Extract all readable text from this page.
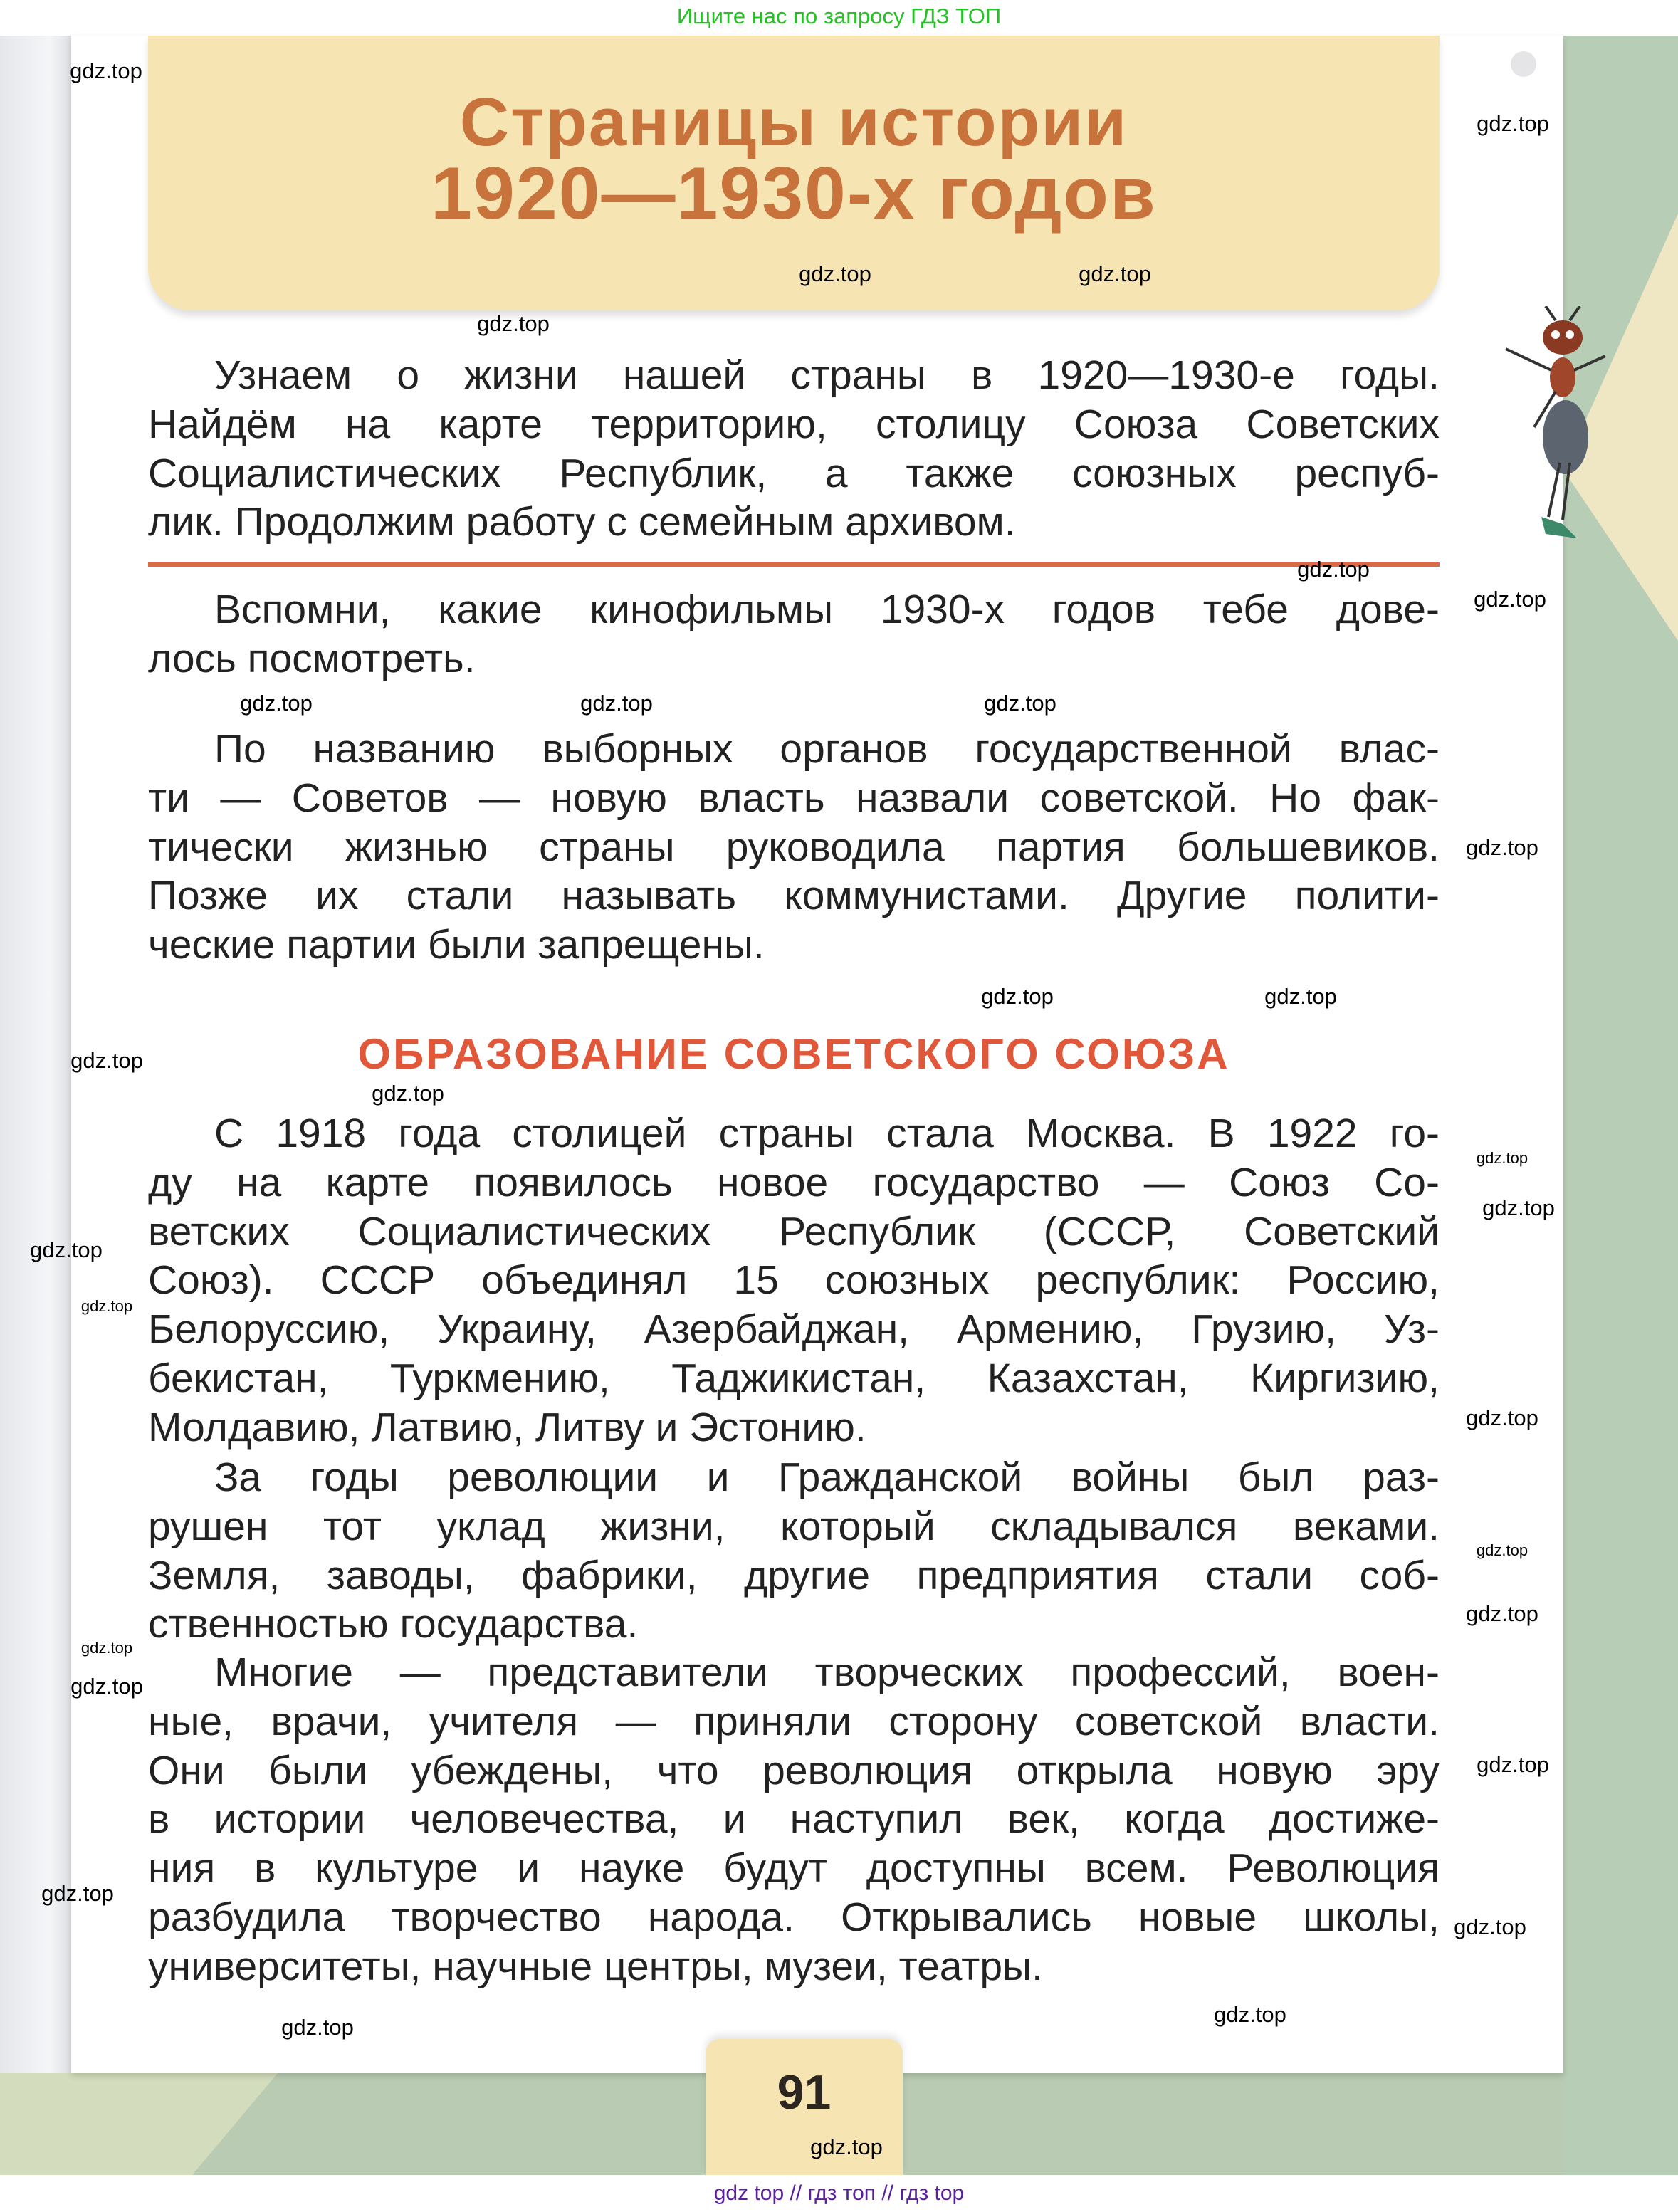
Ищите нас по запросу ГДЗ ТОП
Страницы истории
1920—1930-х годов
ОБРАЗОВАНИЕ СОВЕТСКОГО СОЮЗА
Узнаем о жизни нашей страны в 1920—1930-е годы.
Найдём на карте территорию, столицу Союза Советских
Социалистических Республик, а также союзных респуб-
лик. Продолжим работу с семейным архивом.
Вспомни, какие кинофильмы 1930-х годов тебе дове-
лось посмотреть.
По названию выборных органов государственной влас-
ти — Советов — новую власть назвали советской. Но фак-
тически жизнью страны руководила партия большевиков.
Позже их стали называть коммунистами. Другие полити-
ческие партии были запрещены.
С 1918 года столицей страны стала Москва. В 1922 го-
ду на карте появилось новое государство — Союз Со-
ветских Социалистических Республик (СССР, Советский
Союз). СССР объединял 15 союзных республик: Россию,
Белоруссию, Украину, Азербайджан, Армению, Грузию, Уз-
бекистан, Туркмению, Таджикистан, Казахстан, Киргизию,
Молдавию, Латвию, Литву и Эстонию.
За годы революции и Гражданской войны был раз-
рушен тот уклад жизни, который складывался веками.
Земля, заводы, фабрики, другие предприятия стали соб-
ственностью государства.
Многие — представители творческих профессий, воен-
ные, врачи, учителя — приняли сторону советской власти.
Они были убеждены, что революция открыла новую эру
в истории человечества, и наступил век, когда достиже-
ния в культуре и науке будут доступны всем. Революция
разбудила творчество народа. Открывались новые школы,
университеты, научные центры, музеи, театры.
91
gdz top // гдз топ // гдз top
gdz.top
gdz.top
gdz.top
gdz.top
gdz.top
gdz.top
gdz.top
gdz.top
gdz.top
gdz.top
gdz.top
gdz.top	gdz.top
gdz.top
gdz.top
gdz.top
gdz.top
gdz.top
gdz.top
gdz.top
gdz.top
gdz.top
gdz.top
gdz.top
gdz.top
gdz.top
gdz.top
gdz.top
gdz.top
gdz.top
